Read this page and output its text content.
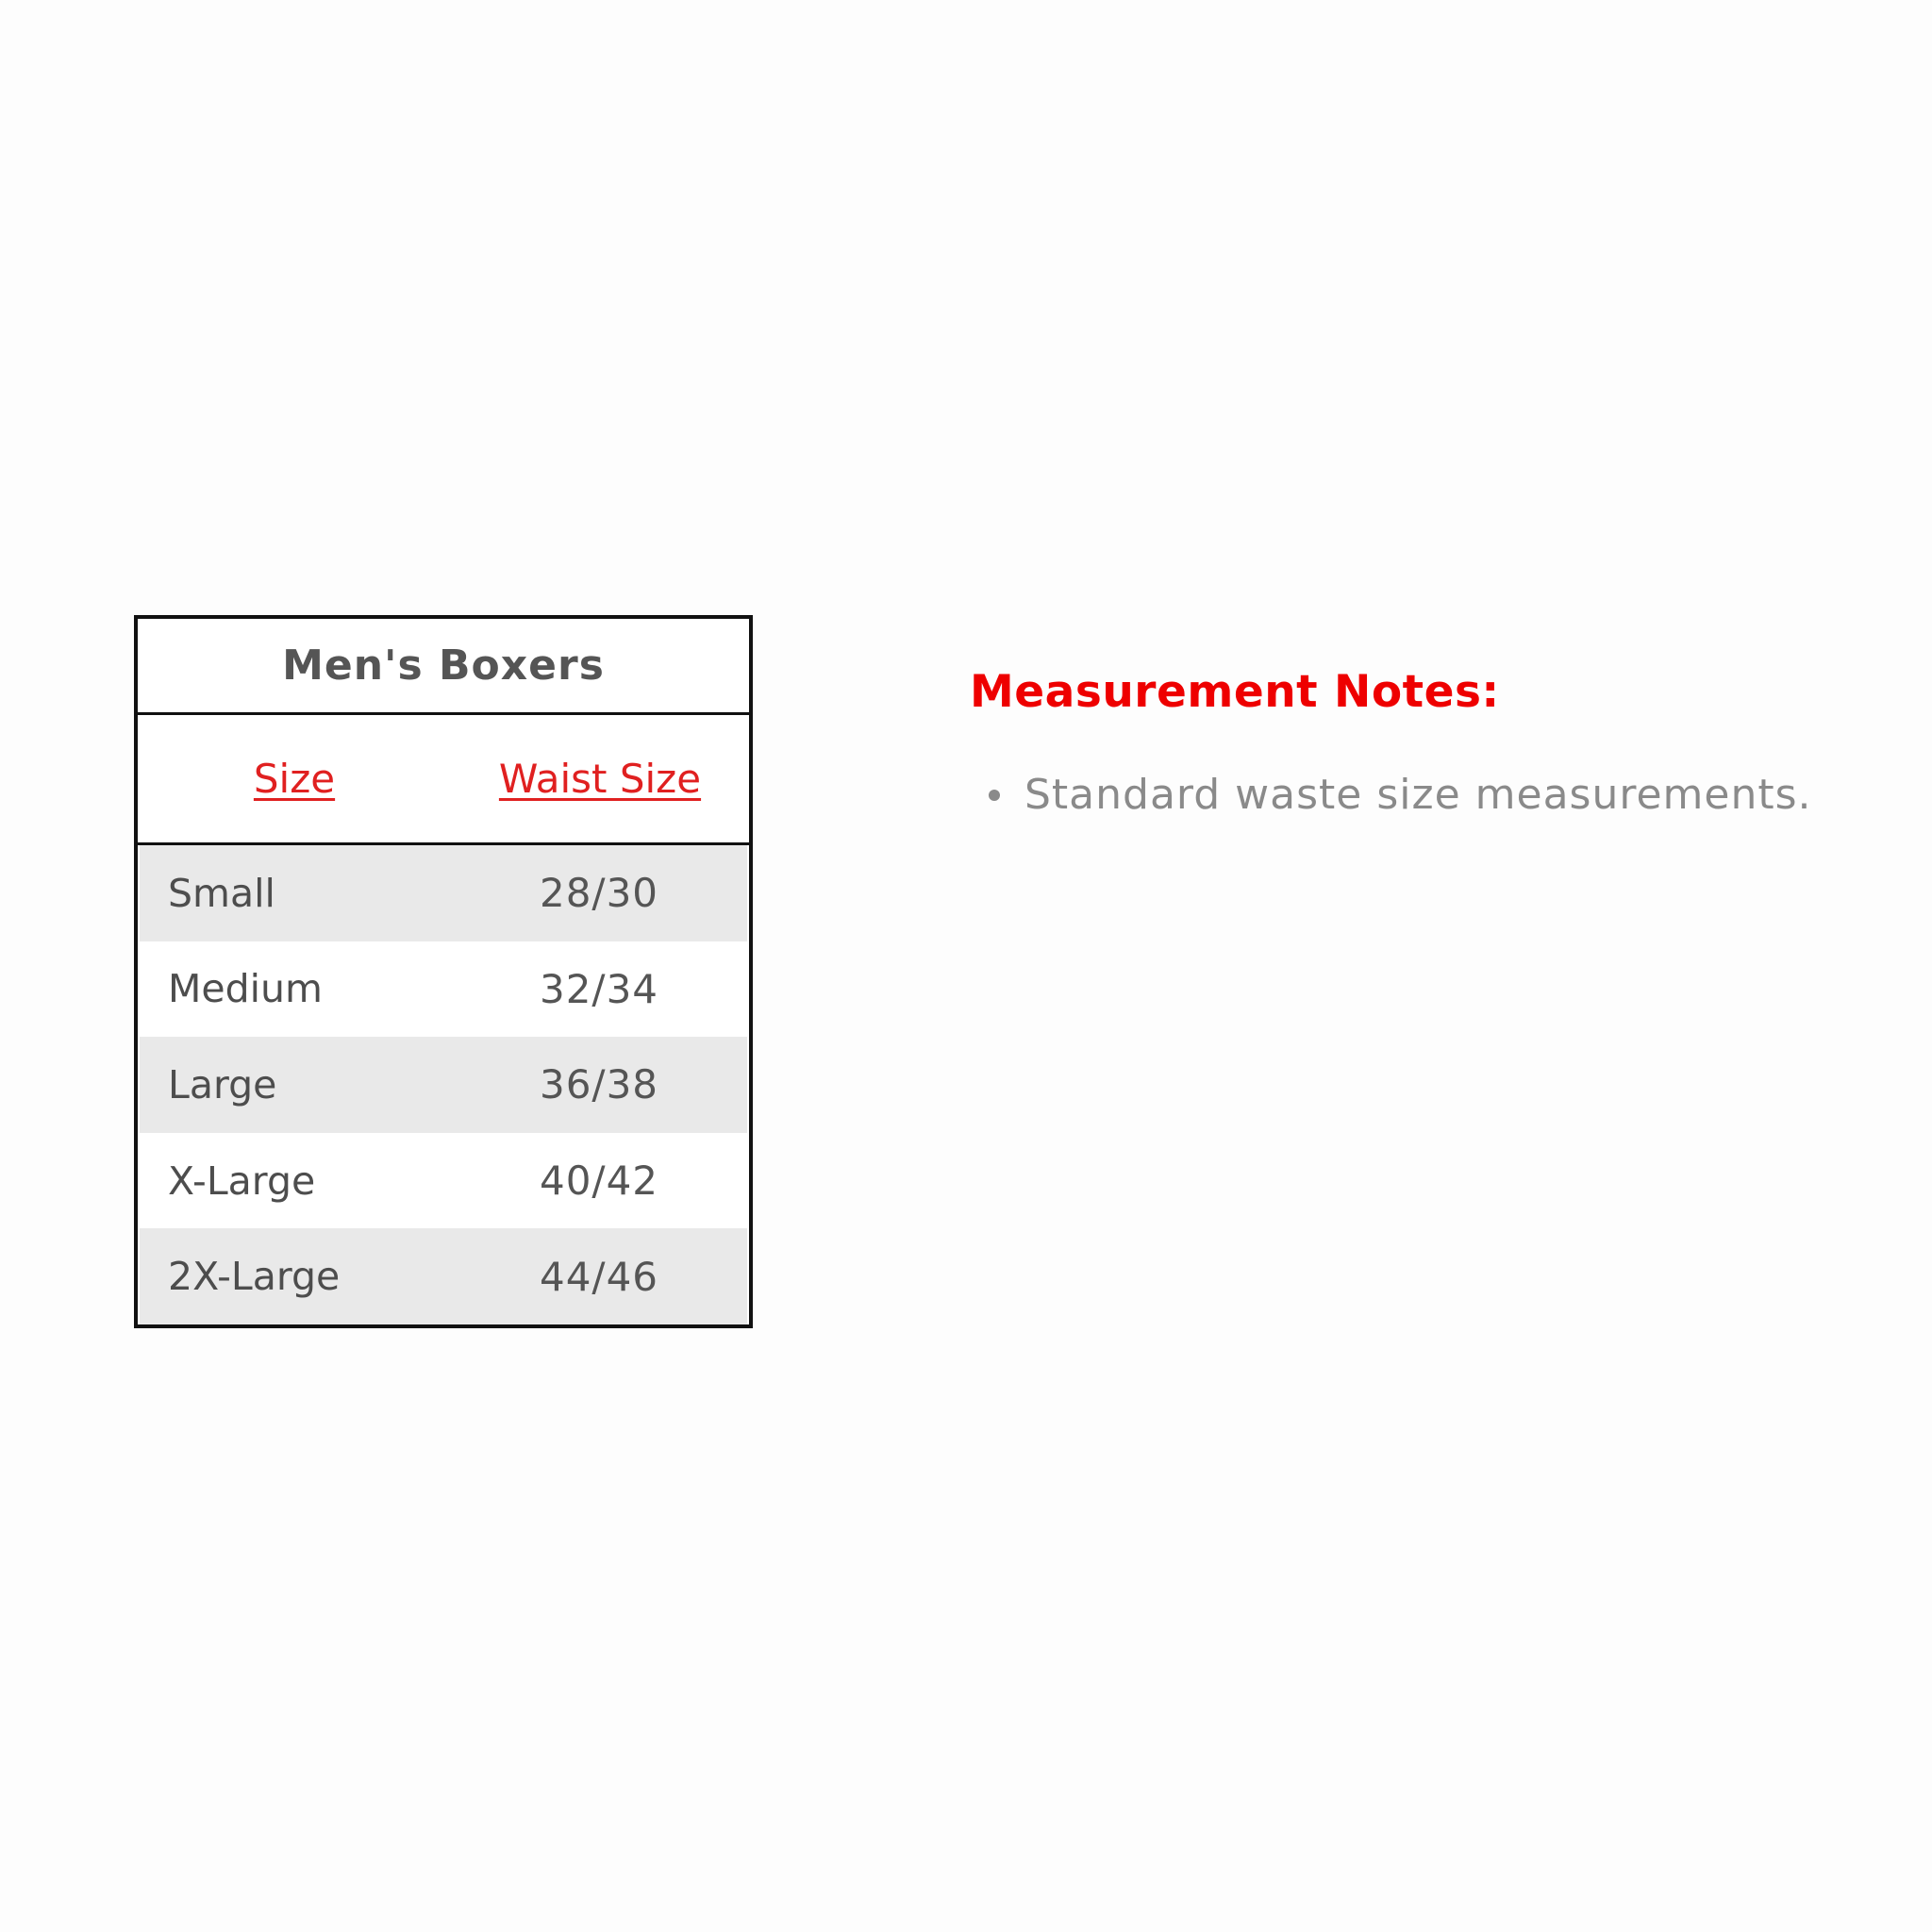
Men's Boxers
Size	Waist Size
Small	28/30
Medium	32/34
Large	36/38
X-Large	40/42
2X-Large	44/46
Measurement Notes:
Standard waste size measurements.
